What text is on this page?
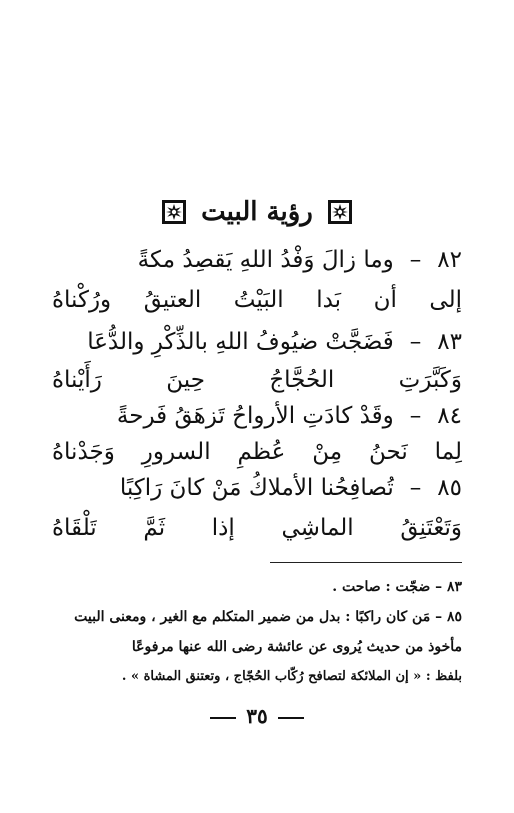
رؤية البيت
٨٢
–
وما زالَ وَفْدُ اللهِ يَقصِدُ مكةً
إلى أن بَدا البَيْتُ العتيقُ ورُكْناهُ
٨٣
–
فَضَجَّتْ ضيُوفُ اللهِ بالذِّكْرِ والدُّعَا
وَكَبَّرَتِ الحُجَّاجُ حِينَ رَأَيْناهُ
٨٤
–
وقَدْ كادَتِ الأرواحُ تَزهَقُ فَرحةً
لِما نَحنُ مِنْ عُظمِ السرورِ وَجَدْناهُ
٨٥
–
تُصافِحُنا الأملاكُ مَنْ كانَ رَاكِبًا
وَتَعْتَنِقُ الماشِي إذا ثَمَّ تَلْقَاهُ
٨٣ – ضجّت : صاحت .
٨٥ – مَن كان راكبًا : بدل من ضمير المتكلم مع الغير ، ومعنى البيت
مأخوذ من حديث يُروى عن عائشة رضى الله عنها مرفوعًا
بلفظ : « إن الملائكة لتصافح رُكّاب الحُجّاج ، وتعتنق المشاة » .
٣٥
